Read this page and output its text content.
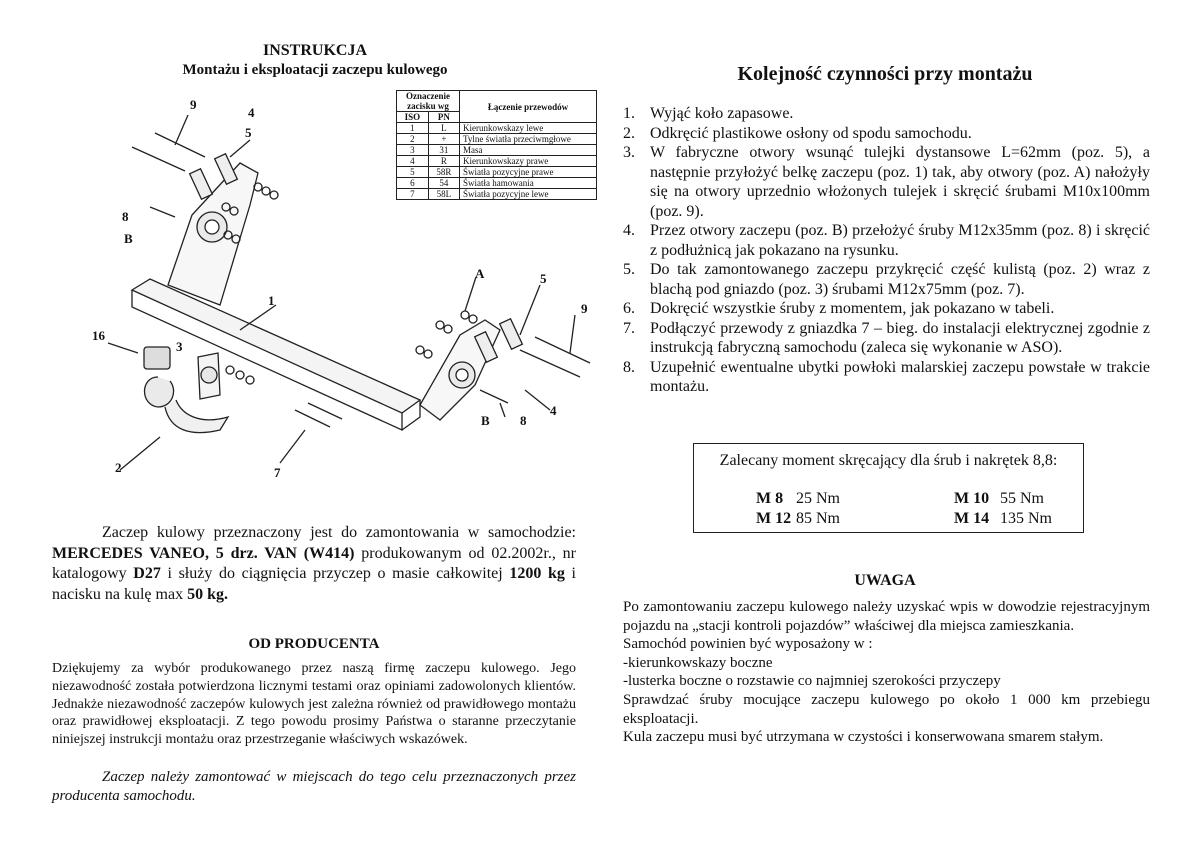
INSTRUKCJA
Montażu i eksploatacji zaczepu kulowego
9
4
5
8
B
1
16
3
2	7
A	5
9
4
B 8
Oznaczenie zacisku wg		Łączenie przewodów
ISO	PN	
1	L	Kierunkowskazy lewe
2	+	Tylne światła przeciwmgłowe
3	31	Masa
4	R	Kierunkowskazy prawe
5	58R	Światła pozycyjne prawe
6	54	Światła hamowania
7	58L	Światła pozycyjne lewe
Zaczep kulowy przeznaczony jest do zamontowania w samochodzie: MERCEDES VANEO, 5 drz. VAN (W414) produkowanym od 02.2002r., nr katalogowy D27 i służy do ciągnięcia przyczep o masie całkowitej 1200 kg i nacisku na kulę max 50 kg.
OD PRODUCENTA
Dziękujemy za wybór produkowanego przez naszą firmę zaczepu kulowego. Jego niezawodność została potwierdzona licznymi testami oraz opiniami zadowolonych klientów. Jednakże niezawodność zaczepów kulowych jest zależna również od prawidłowego montażu oraz prawidłowej eksploatacji. Z tego powodu prosimy Państwa o staranne przeczytanie niniejszej instrukcji montażu oraz przestrzeganie właściwych wskazówek.
Zaczep należy zamontować w miejscach do tego celu przeznaczonych przez producenta samochodu.
Kolejność czynności przy montażu
1. Wyjąć koło zapasowe.
2. Odkręcić plastikowe osłony od spodu samochodu.
3. W fabryczne otwory wsunąć tulejki dystansowe L=62mm (poz. 5), a następnie przyłożyć belkę zaczepu (poz. 1) tak, aby otwory (poz. A) nałożyły się na otwory uprzednio włożonych tulejek i skręcić śrubami M10x100mm (poz. 9).
4. Przez otwory zaczepu (poz. B) przełożyć śruby M12x35mm (poz. 8) i skręcić z podłużnicą jak pokazano na rysunku.
5. Do tak zamontowanego zaczepu przykręcić część kulistą (poz. 2) wraz z blachą pod gniazdo (poz. 3) śrubami M12x75mm (poz. 7).
6. Dokręcić wszystkie śruby z momentem, jak pokazano w tabeli.
7. Podłączyć przewody z gniazdka 7 – bieg. do instalacji elektrycznej zgodnie z instrukcją fabryczną samochodu (zaleca się wykonanie w ASO).
8. Uzupełnić ewentualne ubytki powłoki malarskiej zaczepu powstałe w trakcie montażu.
Zalecany moment skręcający dla śrub i nakrętek 8,8:
M 8 25 Nm	M 10 55 Nm
M 12 85 Nm	M 14 135 Nm
UWAGA
Po zamontowaniu zaczepu kulowego należy uzyskać wpis w dowodzie rejestracyjnym pojazdu na „stacji kontroli pojazdów” właściwej dla miejsca zamieszkania.
Samochód powinien być wyposażony w :
-kierunkowskazy boczne
-lusterka boczne o rozstawie co najmniej szerokości przyczepy
Sprawdzać śruby mocujące zaczepu kulowego po około 1 000 km przebiegu eksploatacji.
Kula zaczepu musi być utrzymana w czystości i konserwowana smarem stałym.
